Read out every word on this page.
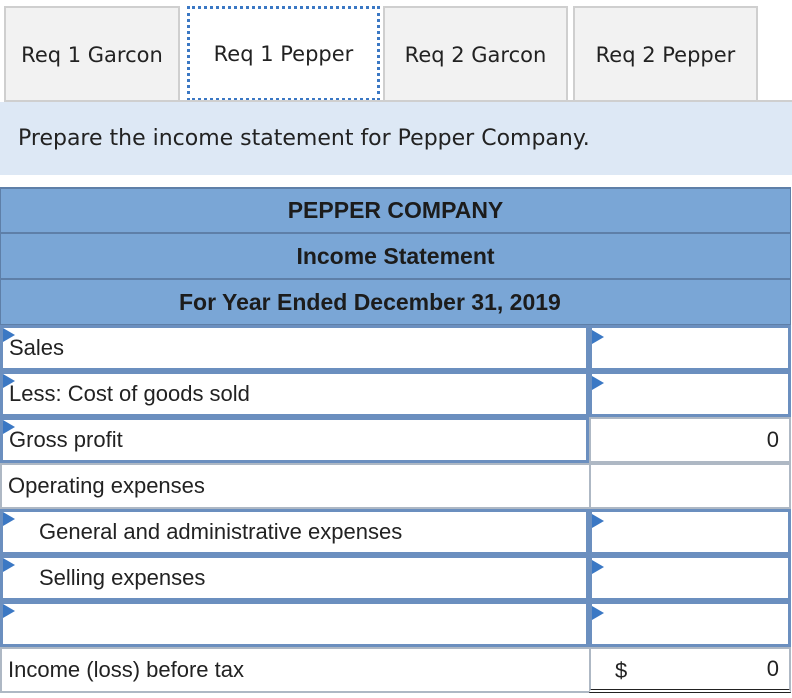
Req 1 Garcon	Req 1 Pepper	Req 2 Garcon	Req 2 Pepper
Prepare the income statement for Pepper Company.
PEPPER COMPANY
Income Statement
For Year Ended December 31, 2019
Sales
Less: Cost of goods sold
Gross profit	0
Operating expenses
General and administrative expenses
Selling expenses
Income (loss) before tax	$	0
